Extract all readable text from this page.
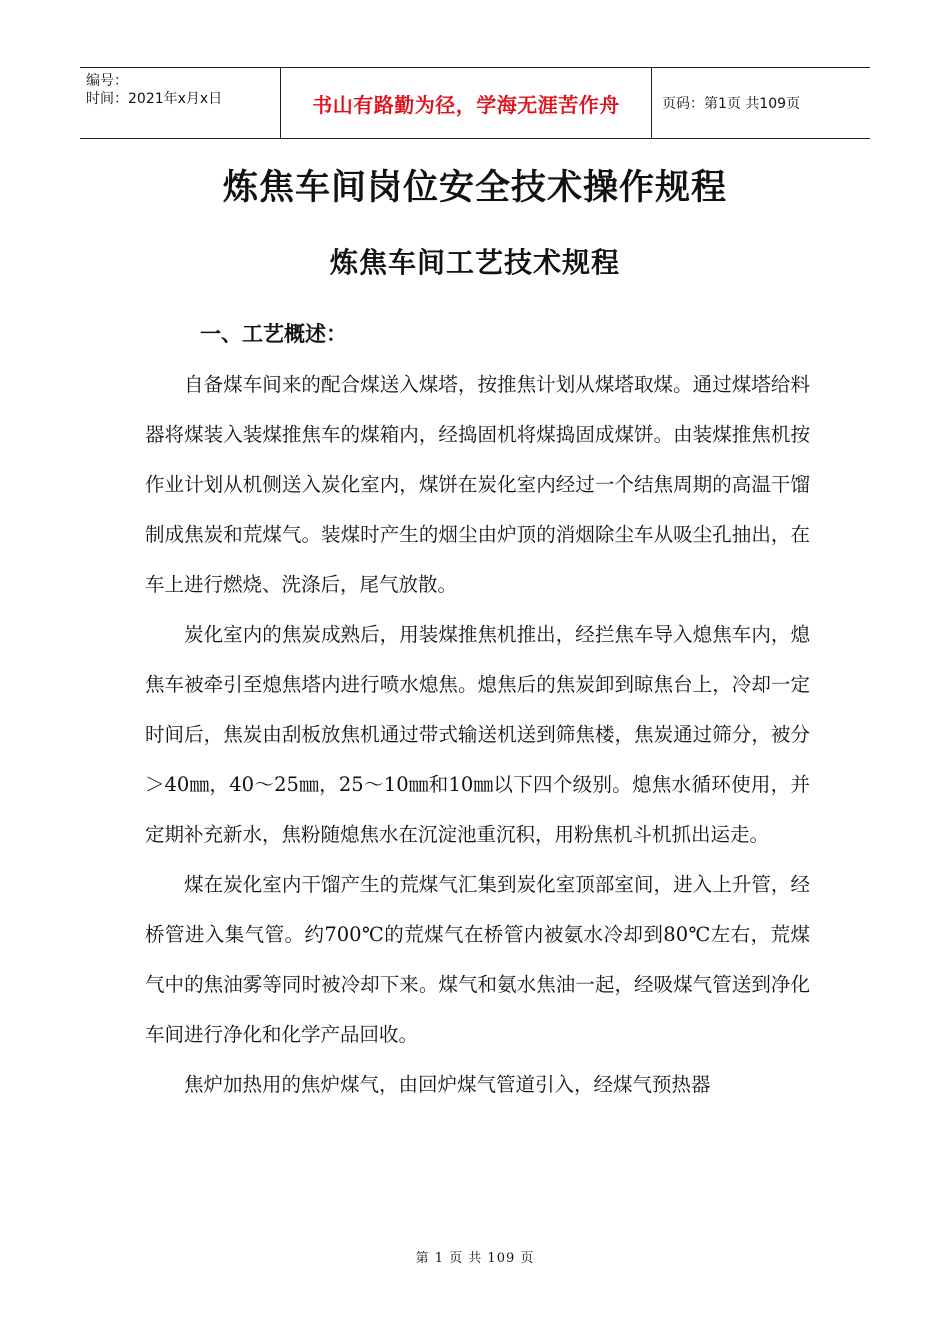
编号：
时间：2021年x月x日	书山有路勤为径，学海无涯苦作舟	页码：第1页 共109页
炼焦车间岗位安全技术操作规程
炼焦车间工艺技术规程
一、工艺概述：

自备煤车间来的配合煤送入煤塔，按推焦计划从煤塔取煤。通过煤塔给料器将煤装入装煤推焦车的煤箱内，经捣固机将煤捣固成煤饼。由装煤推焦机按作业计划从机侧送入炭化室内，煤饼在炭化室内经过一个结焦周期的高温干馏制成焦炭和荒煤气。装煤时产生的烟尘由炉顶的消烟除尘车从吸尘孔抽出，在车上进行燃烧、洗涤后，尾气放散。

炭化室内的焦炭成熟后，用装煤推焦机推出，经拦焦车导入熄焦车内，熄焦车被牵引至熄焦塔内进行喷水熄焦。熄焦后的焦炭卸到晾焦台上，冷却一定时间后，焦炭由刮板放焦机通过带式输送机送到筛焦楼，焦炭通过筛分，被分＞40㎜，40～25㎜，25～10㎜和10㎜以下四个级别。熄焦水循环使用，并定期补充新水，焦粉随熄焦水在沉淀池重沉积，用粉焦机斗机抓出运走。

煤在炭化室内干馏产生的荒煤气汇集到炭化室顶部室间，进入上升管，经桥管进入集气管。约700℃的荒煤气在桥管内被氨水冷却到80℃左右，荒煤气中的焦油雾等同时被冷却下来。煤气和氨水焦油一起，经吸煤气管送到净化车间进行净化和化学产品回收。

焦炉加热用的焦炉煤气，由回炉煤气管道引入，经煤气预热器

第 1 页 共 109 页
